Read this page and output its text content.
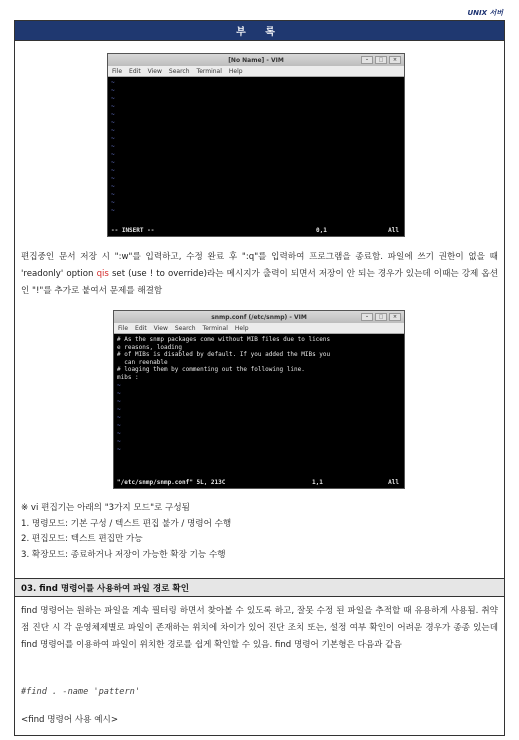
UNIX 서버
부 록
[No Name] - VIM	–	□	×
File Edit View Search Terminal Help
~
~
~
~
~
~
~
~
~
~
~
~
~
~
~
~
~
-- INSERT --	0,1	All
편집중인 문서 저장 시 ":w"를 입력하고, 수정 완료 후 ":q"를 입력하여 프로그램을 종료함. 파일에 쓰기 권한이 없을 때 'readonly' option qis set (use ! to override)라는 메시지가 출력이 되면서 저장이 안 되는 경우가 있는데 이때는 강제 옵션인 "!"를 추가로 붙여서 문제를 해결함
snmp.conf (/etc/snmp) - VIM	–	□	×
File Edit View Search Terminal Help
# As the snmp packages come without MIB files due to licens
e reasons, loading
# of MIBs is disabled by default. If you added the MIBs you
can reenable
# loaging them by commenting out the following line.
mibs :
~
~
~
~
~
~
~
~
~
"/etc/snmp/snmp.conf" 5L, 213C	1,1	All
※ vi 편집기는 아래의 "3가지 모드"로 구성됨
1. 명령모드: 기본 구성 / 텍스트 편집 불가 / 명령어 수행
2. 편집모드: 텍스트 편집만 가능
3. 확장모드: 종료하거나 저장이 가능한 확장 기능 수행
03. find 명령어를 사용하여 파일 경로 확인
find 명령어는 원하는 파일을 계속 필터링 하면서 찾아볼 수 있도록 하고, 잘못 수정 된 파일을 추적할 때 유용하게 사용됨. 취약점 진단 시 각 운영체제별로 파일이 존재하는 위치에 차이가 있어 진단 조치 또는, 설정 여부 확인이 어려운 경우가 종종 있는데 find 명령어를 이용하여 파일이 위치한 경로를 쉽게 확인할 수 있음. find 명령어 기본형은 다음과 같음
#find . -name 'pattern'
<find 명령어 사용 예시>
